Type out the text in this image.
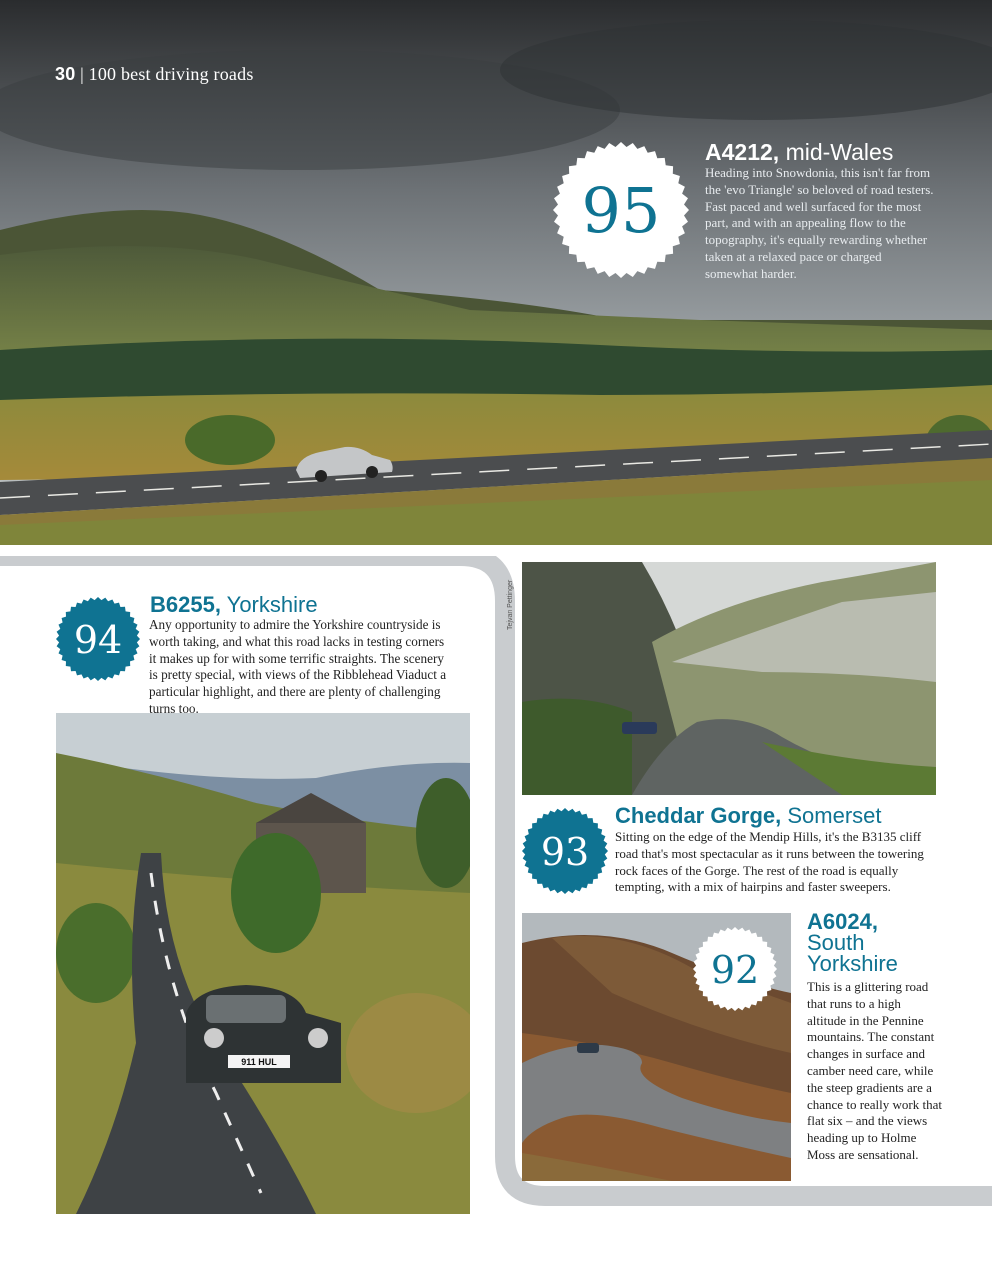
30 | 100 best driving roads
95
A4212, mid-Wales
Heading into Snowdonia, this isn't far from the 'evo Triangle' so beloved of road testers. Fast paced and well surfaced for the most part, and with an appealing flow to the topography, it's equally rewarding whether taken at a relaxed pace or charged somewhat harder.
911 HUL
94
B6255, Yorkshire
Any opportunity to admire the Yorkshire countryside is worth taking, and what this road lacks in testing corners it makes up for with some terrific straights. The scenery is pretty special, with views of the Ribblehead Viaduct a particular highlight, and there are plenty of challenging turns too.
Tejvan Pettinger
93
Cheddar Gorge, Somerset
Sitting on the edge of the Mendip Hills, it's the B3135 cliff road that's most spectacular as it runs between the towering rock faces of the Gorge. The rest of the road is equally tempting, with a mix of hairpins and faster sweepers.
92
A6024,
South
Yorkshire
This is a glittering road that runs to a high altitude in the Pennine mountains. The constant changes in surface and camber need care, while the steep gradients are a chance to really work that flat six – and the views heading up to Holme Moss are sensational.
